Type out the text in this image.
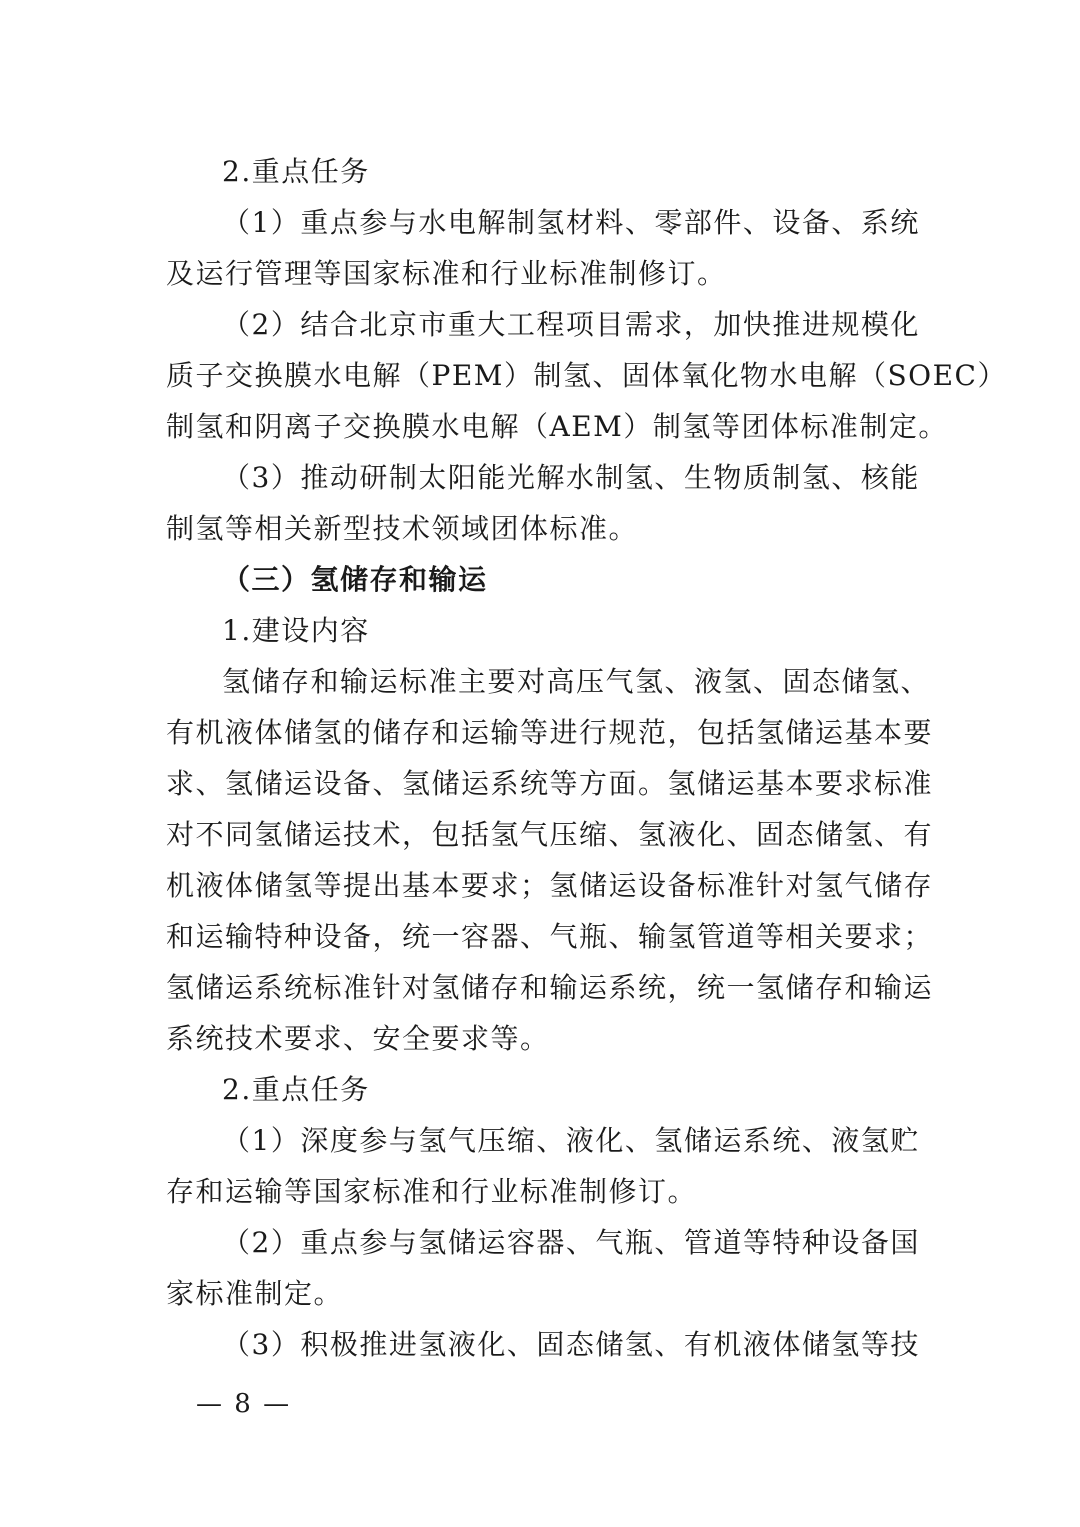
2.重点任务
（1）重点参与水电解制氢材料、零部件、设备、系统
及运行管理等国家标准和行业标准制修订。
（2）结合北京市重大工程项目需求，加快推进规模化
质子交换膜水电解（PEM）制氢、固体氧化物水电解（SOEC）
制氢和阴离子交换膜水电解（AEM）制氢等团体标准制定。
（3）推动研制太阳能光解水制氢、生物质制氢、核能
制氢等相关新型技术领域团体标准。
（三）氢储存和输运
1.建设内容
氢储存和输运标准主要对高压气氢、液氢、固态储氢、
有机液体储氢的储存和运输等进行规范，包括氢储运基本要
求、氢储运设备、氢储运系统等方面。氢储运基本要求标准
对不同氢储运技术，包括氢气压缩、氢液化、固态储氢、有
机液体储氢等提出基本要求；氢储运设备标准针对氢气储存
和运输特种设备，统一容器、气瓶、输氢管道等相关要求；
氢储运系统标准针对氢储存和输运系统，统一氢储存和输运
系统技术要求、安全要求等。
2.重点任务
（1）深度参与氢气压缩、液化、氢储运系统、液氢贮
存和运输等国家标准和行业标准制修订。
（2）重点参与氢储运容器、气瓶、管道等特种设备国
家标准制定。
（3）积极推进氢液化、固态储氢、有机液体储氢等技
— 8 —
